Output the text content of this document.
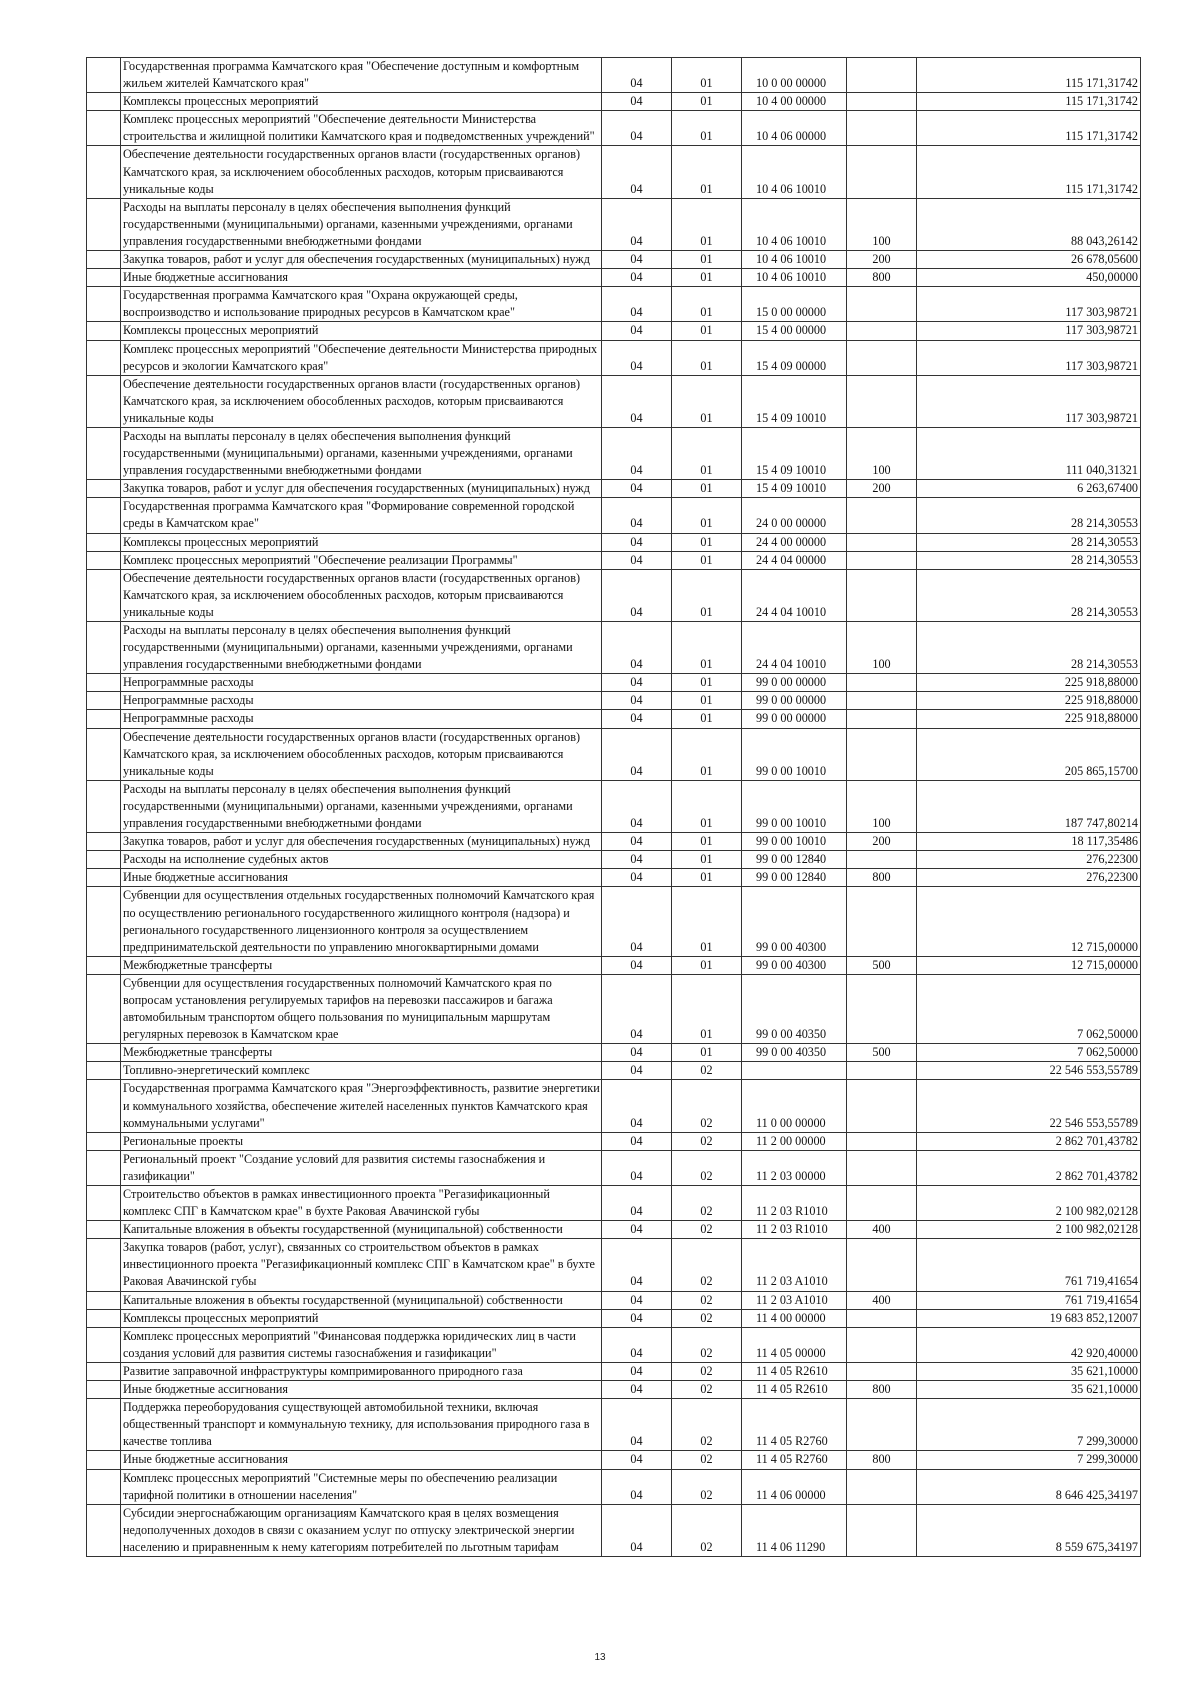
	Государственная программа Камчатского края "Обеспечение доступным и комфортным жильем жителей Камчатского края"	04	01	10 0 00 00000		115 171,31742
	Комплексы процессных мероприятий	04	01	10 4 00 00000		115 171,31742
	Комплекс процессных мероприятий "Обеспечение деятельности Министерства строительства и жилищной политики Камчатского края и подведомственных учреждений"	04	01	10 4 06 00000		115 171,31742
	Обеспечение деятельности государственных органов власти (государственных органов) Камчатского края, за исключением обособленных расходов, которым присваиваются уникальные коды	04	01	10 4 06 10010		115 171,31742
	Расходы на выплаты персоналу в целях обеспечения выполнения функций государственными (муниципальными) органами, казенными учреждениями, органами управления государственными внебюджетными фондами	04	01	10 4 06 10010	100	88 043,26142
	Закупка товаров, работ и услуг для обеспечения государственных (муниципальных) нужд	04	01	10 4 06 10010	200	26 678,05600
	Иные бюджетные ассигнования	04	01	10 4 06 10010	800	450,00000
	Государственная программа Камчатского края "Охрана окружающей среды, воспроизводство и использование природных ресурсов в Камчатском крае"	04	01	15 0 00 00000		117 303,98721
	Комплексы процессных мероприятий	04	01	15 4 00 00000		117 303,98721
	Комплекс процессных мероприятий "Обеспечение деятельности Министерства природных ресурсов и экологии Камчатского края"	04	01	15 4 09 00000		117 303,98721
	Обеспечение деятельности государственных органов власти (государственных органов) Камчатского края, за исключением обособленных расходов, которым присваиваются уникальные коды	04	01	15 4 09 10010		117 303,98721
	Расходы на выплаты персоналу в целях обеспечения выполнения функций государственными (муниципальными) органами, казенными учреждениями, органами управления государственными внебюджетными фондами	04	01	15 4 09 10010	100	111 040,31321
	Закупка товаров, работ и услуг для обеспечения государственных (муниципальных) нужд	04	01	15 4 09 10010	200	6 263,67400
	Государственная программа Камчатского края "Формирование современной городской среды в Камчатском крае"	04	01	24 0 00 00000		28 214,30553
	Комплексы процессных мероприятий	04	01	24 4 00 00000		28 214,30553
	Комплекс процессных мероприятий "Обеспечение реализации Программы"	04	01	24 4 04 00000		28 214,30553
	Обеспечение деятельности государственных органов власти (государственных органов) Камчатского края, за исключением обособленных расходов, которым присваиваются уникальные коды	04	01	24 4 04 10010		28 214,30553
	Расходы на выплаты персоналу в целях обеспечения выполнения функций государственными (муниципальными) органами, казенными учреждениями, органами управления государственными внебюджетными фондами	04	01	24 4 04 10010	100	28 214,30553
	Непрограммные расходы	04	01	99 0 00 00000		225 918,88000
	Непрограммные расходы	04	01	99 0 00 00000		225 918,88000
	Непрограммные расходы	04	01	99 0 00 00000		225 918,88000
	Обеспечение деятельности государственных органов власти (государственных органов) Камчатского края, за исключением обособленных расходов, которым присваиваются уникальные коды	04	01	99 0 00 10010		205 865,15700
	Расходы на выплаты персоналу в целях обеспечения выполнения функций государственными (муниципальными) органами, казенными учреждениями, органами управления государственными внебюджетными фондами	04	01	99 0 00 10010	100	187 747,80214
	Закупка товаров, работ и услуг для обеспечения государственных (муниципальных) нужд	04	01	99 0 00 10010	200	18 117,35486
	Расходы на исполнение судебных актов	04	01	99 0 00 12840		276,22300
	Иные бюджетные ассигнования	04	01	99 0 00 12840	800	276,22300
	Субвенции для осуществления отдельных государственных полномочий Камчатского края по осуществлению регионального государственного жилищного контроля (надзора) и регионального государственного лицензионного контроля за осуществлением предпринимательской деятельности по управлению многоквартирными домами	04	01	99 0 00 40300		12 715,00000
	Межбюджетные трансферты	04	01	99 0 00 40300	500	12 715,00000
	Субвенции для осуществления государственных полномочий Камчатского края по вопросам установления регулируемых тарифов на перевозки пассажиров и багажа автомобильным транспортом общего пользования по муниципальным маршрутам регулярных перевозок в Камчатском крае	04	01	99 0 00 40350		7 062,50000
	Межбюджетные трансферты	04	01	99 0 00 40350	500	7 062,50000
	Топливно-энергетический комплекс	04	02			22 546 553,55789
	Государственная программа Камчатского края "Энергоэффективность, развитие энергетики и коммунального хозяйства, обеспечение жителей населенных пунктов Камчатского края коммунальными услугами"	04	02	11 0 00 00000		22 546 553,55789
	Региональные проекты	04	02	11 2 00 00000		2 862 701,43782
	Региональный проект "Создание условий для развития системы газоснабжения и газификации"	04	02	11 2 03 00000		2 862 701,43782
	Строительство объектов в рамках инвестиционного проекта "Регазификационный комплекс СПГ в Камчатском крае" в бухте Раковая Авачинской губы	04	02	11 2 03 R1010		2 100 982,02128
	Капитальные вложения в объекты государственной (муниципальной) собственности	04	02	11 2 03 R1010	400	2 100 982,02128
	Закупка товаров (работ, услуг), связанных со строительством объектов в рамках инвестиционного проекта "Регазификационный комплекс СПГ в Камчатском крае" в бухте Раковая Авачинской губы	04	02	11 2 03 A1010		761 719,41654
	Капитальные вложения в объекты государственной (муниципальной) собственности	04	02	11 2 03 A1010	400	761 719,41654
	Комплексы процессных мероприятий	04	02	11 4 00 00000		19 683 852,12007
	Комплекс процессных мероприятий "Финансовая поддержка юридических лиц в части создания условий для развития системы газоснабжения и газификации"	04	02	11 4 05 00000		42 920,40000
	Развитие заправочной инфраструктуры компримированного природного газа	04	02	11 4 05 R2610		35 621,10000
	Иные бюджетные ассигнования	04	02	11 4 05 R2610	800	35 621,10000
	Поддержка переоборудования существующей автомобильной техники, включая общественный транспорт и коммунальную технику, для использования природного газа в качестве топлива	04	02	11 4 05 R2760		7 299,30000
	Иные бюджетные ассигнования	04	02	11 4 05 R2760	800	7 299,30000
	Комплекс процессных мероприятий "Системные меры по обеспечению реализации тарифной политики в отношении населения"	04	02	11 4 06 00000		8 646 425,34197
	Субсидии энергоснабжающим организациям Камчатского края в целях возмещения недополученных доходов в связи с оказанием услуг по отпуску электрической энергии населению и приравненным к нему категориям потребителей по льготным тарифам	04	02	11 4 06 11290		8 559 675,34197
13
